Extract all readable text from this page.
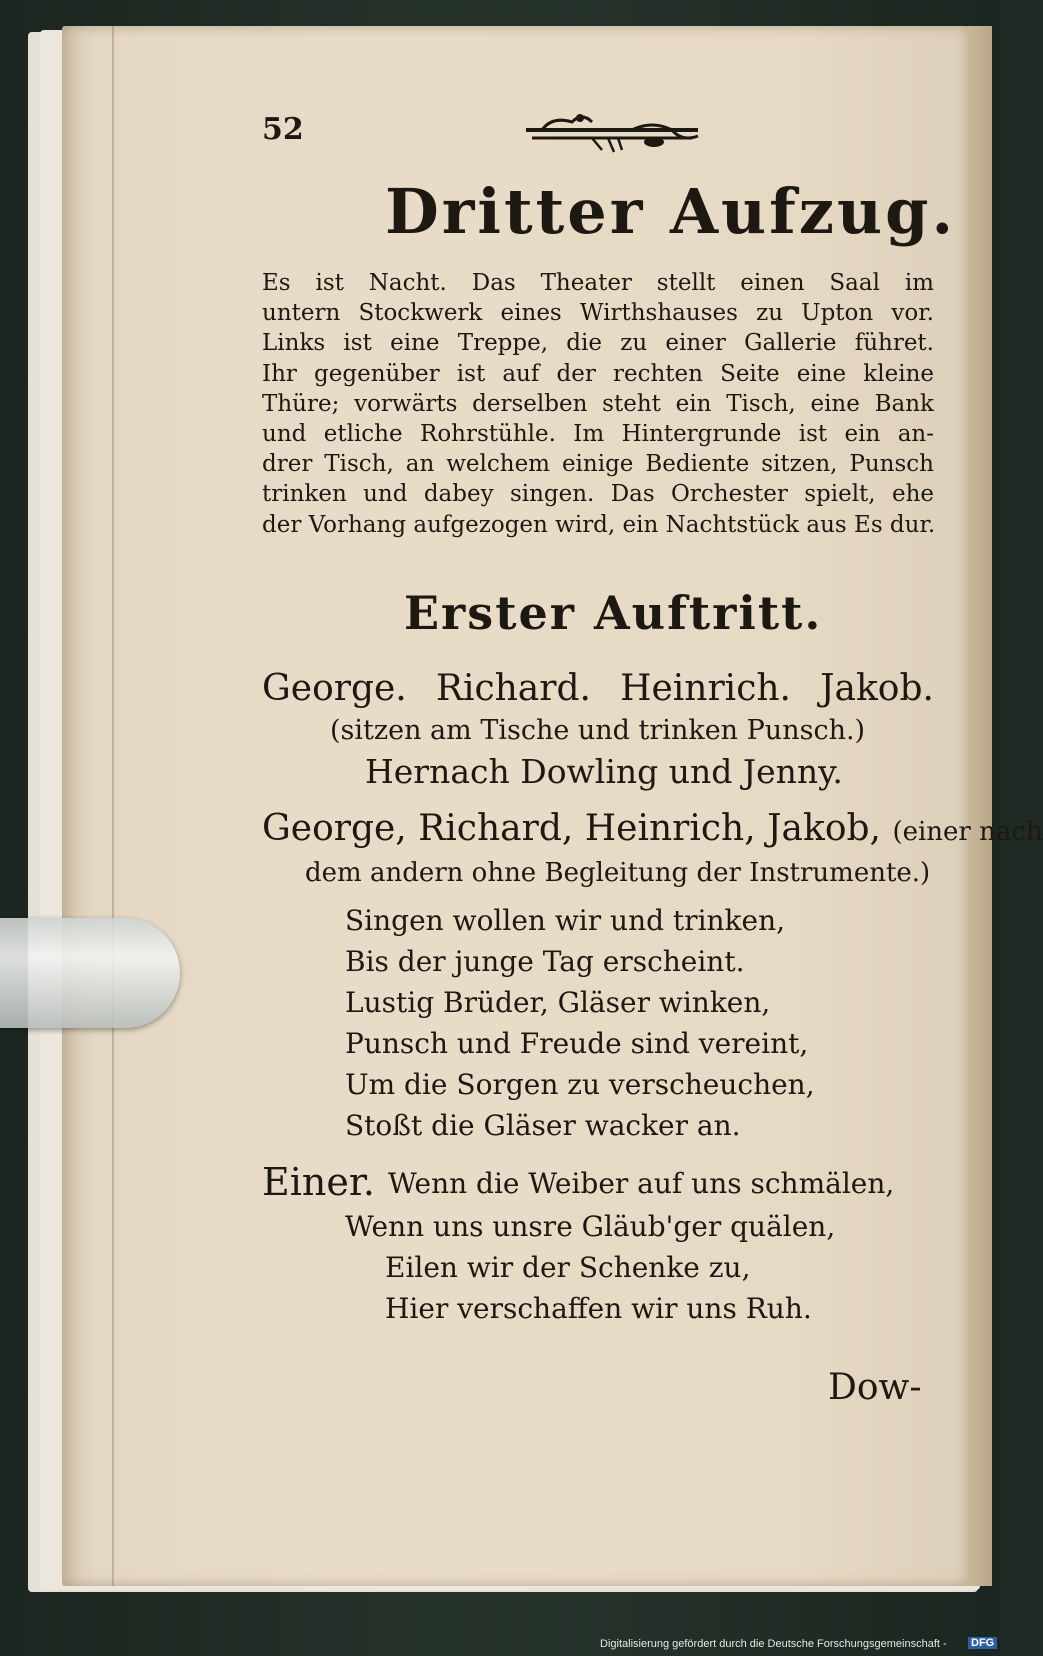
52
Dritter Aufzug.
Es ist Nacht. Das Theater stellt einen Saal im
untern Stockwerk eines Wirthshauses zu Upton vor.
Links ist eine Treppe, die zu einer Gallerie führet.
Ihr gegenüber ist auf der rechten Seite eine kleine
Thüre; vorwärts derselben steht ein Tisch, eine Bank
und etliche Rohrstühle. Im Hintergrunde ist ein an-
drer Tisch, an welchem einige Bediente sitzen, Punsch
trinken und dabey singen. Das Orchester spielt, ehe
der Vorhang aufgezogen wird, ein Nachtstück aus Es dur.
Erster Auftritt.
George. Richard. Heinrich. Jakob.
(sitzen am Tische und trinken Punsch.)
Hernach Dowling und Jenny.
George, Richard, Heinrich, Jakob, (einer nach
dem andern ohne Begleitung der Instrumente.)
Singen wollen wir und trinken,
Bis der junge Tag erscheint.
Lustig Brüder, Gläser winken,
Punsch und Freude sind vereint,
Um die Sorgen zu verscheuchen,
Stoßt die Gläser wacker an.
Einer. Wenn die Weiber auf uns schmälen,
Wenn uns unsre Gläub'ger quälen,
Eilen wir der Schenke zu,
Hier verschaffen wir uns Ruh.
Dow-
Digitalisierung gefördert durch die Deutsche Forschungsgemeinschaft - DFG
